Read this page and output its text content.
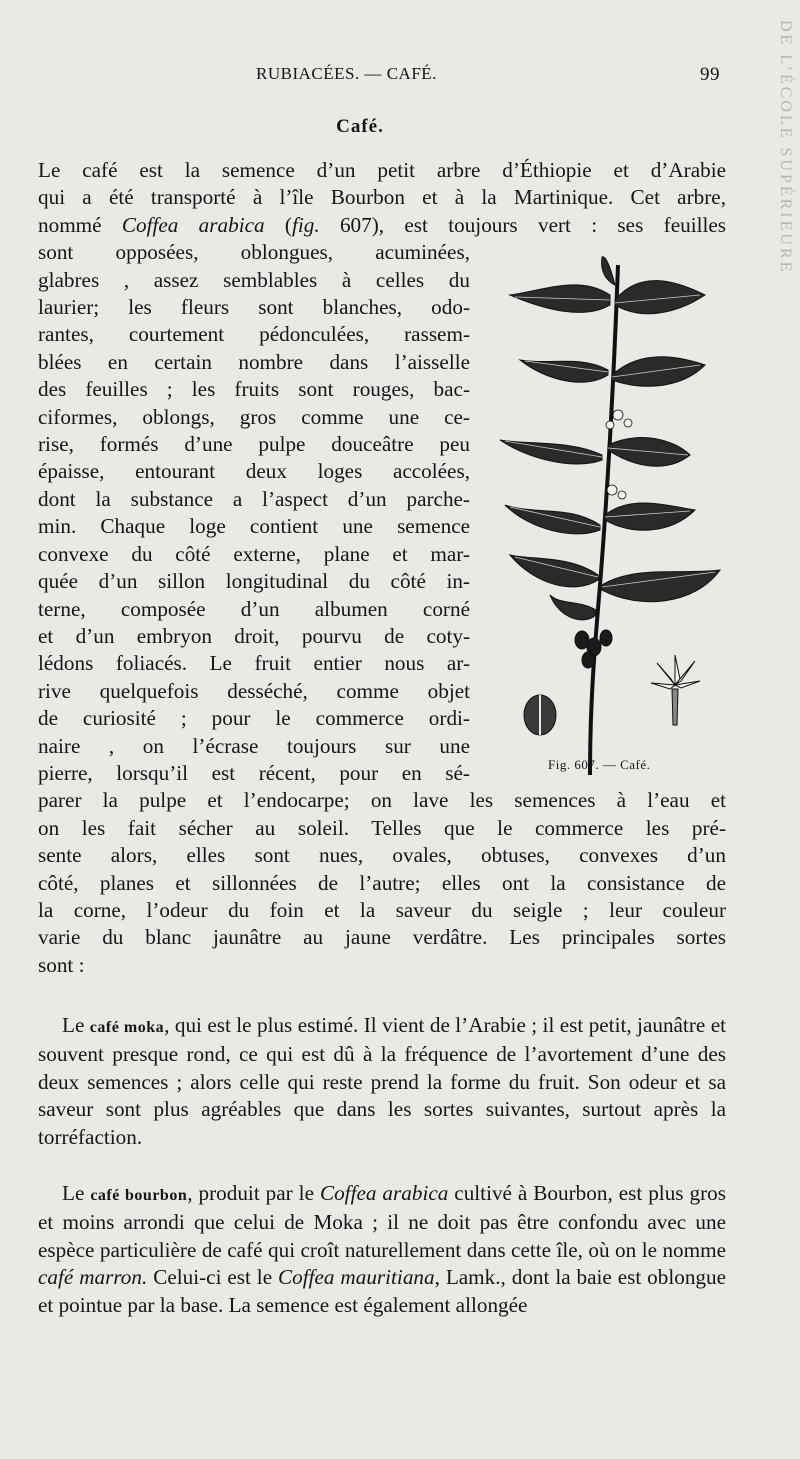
DE L’ÉCOLE SUPÉRIEURE
RUBIACÉES. — CAFÉ.	99
Café.
Le café est la semence d’un petit arbre d’Éthiopie et d’Arabie
qui a été transporté à l’île Bourbon et à la Martinique. Cet arbre,
nommé Coffea arabica (fig. 607), est toujours vert : ses feuilles
sont opposées, oblongues, acuminées,
glabres , assez semblables à celles du
laurier; les fleurs sont blanches, odo-
rantes, courtement pédonculées, rassem-
blées en certain nombre dans l’aisselle
des feuilles ; les fruits sont rouges, bac-
ciformes, oblongs, gros comme une ce-
rise, formés d’une pulpe douceâtre peu
épaisse, entourant deux loges accolées,
dont la substance a l’aspect d’un parche-
min. Chaque loge contient une semence
convexe du côté externe, plane et mar-
quée d’un sillon longitudinal du côté in-
terne, composée d’un albumen corné
et d’un embryon droit, pourvu de coty-
lédons foliacés. Le fruit entier nous ar-
rive quelquefois desséché, comme objet
de curiosité ; pour le commerce ordi-
naire , on l’écrase toujours sur une
pierre, lorsqu’il est récent, pour en sé-
parer la pulpe et l’endocarpe; on lave les semences à l’eau et
on les fait sécher au soleil. Telles que le commerce les pré-
sente alors, elles sont nues, ovales, obtuses, convexes d’un
côté, planes et sillonnées de l’autre; elles ont la consistance de
la corne, l’odeur du foin et la saveur du seigle ; leur couleur
varie du blanc jaunâtre au jaune verdâtre. Les principales sortes
sont :
Le café moka, qui est le plus estimé. Il vient de l’Arabie ; il est petit, jaunâtre et souvent presque rond, ce qui est dû à la fréquence de l’avortement d’une des deux semences ; alors celle qui reste prend la forme du fruit. Son odeur et sa saveur sont plus agréables que dans les sortes suivantes, surtout après la torréfaction.
Le café bourbon, produit par le Coffea arabica cultivé à Bourbon, est plus gros et moins arrondi que celui de Moka ; il ne doit pas être confondu avec une espèce particulière de café qui croît naturellement dans cette île, où on le nomme café marron. Celui-ci est le Coffea mauritiana, Lamk., dont la baie est oblongue et pointue par la base. La semence est également allongée
Fig. 607. — Café.
